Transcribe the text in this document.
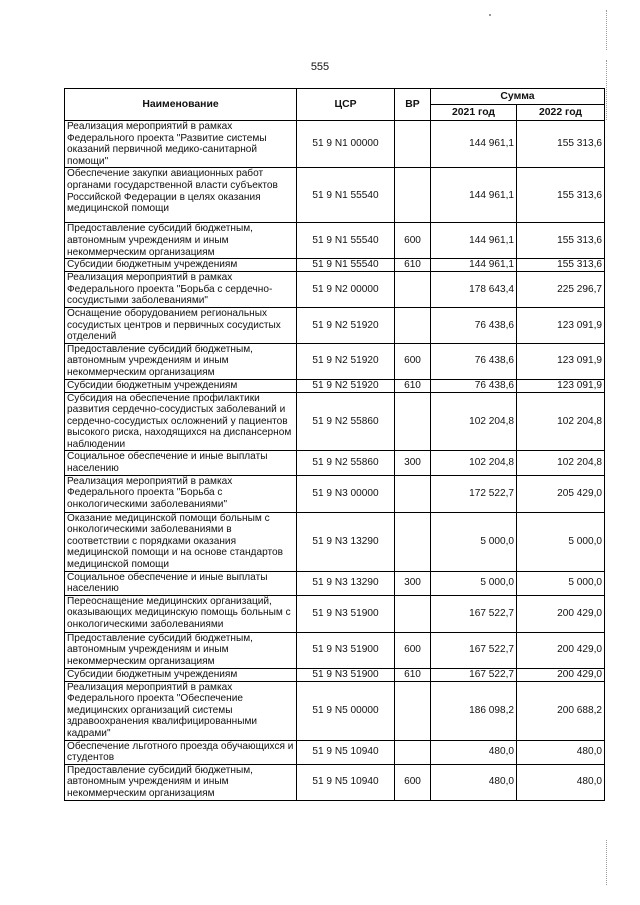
555
Наименование	ЦСР	ВР	Сумма	
			2021 год	2022 год
Реализация мероприятий в рамках Федерального проекта "Развитие системы оказаний первичной медико-санитарной помощи"	51 9 N1 00000		144 961,1	155 313,6
Обеспечение закупки авиационных работ органами государственной власти субъектов Российской Федерации в целях оказания медицинской помощи	51 9 N1 55540		144 961,1	155 313,6
Предоставление субсидий бюджетным, автономным учреждениям и иным некоммерческим организациям	51 9 N1 55540	600	144 961,1	155 313,6
Субсидии бюджетным учреждениям	51 9 N1 55540	610	144 961,1	155 313,6
Реализация мероприятий в рамках Федерального проекта "Борьба с сердечно-сосудистыми заболеваниями"	51 9 N2 00000		178 643,4	225 296,7
Оснащение оборудованием региональных сосудистых центров и первичных сосудистых отделений	51 9 N2 51920		76 438,6	123 091,9
Предоставление субсидий бюджетным, автономным учреждениям и иным некоммерческим организациям	51 9 N2 51920	600	76 438,6	123 091,9
Субсидии бюджетным учреждениям	51 9 N2 51920	610	76 438,6	123 091,9
Субсидия на обеспечение профилактики развития сердечно-сосудистых заболеваний и сердечно-сосудистых осложнений у пациентов высокого риска, находящихся на диспансерном наблюдении	51 9 N2 55860		102 204,8	102 204,8
Социальное обеспечение и иные выплаты населению	51 9 N2 55860	300	102 204,8	102 204,8
Реализация мероприятий в рамках Федерального проекта "Борьба с онкологическими заболеваниями"	51 9 N3 00000		172 522,7	205 429,0
Оказание медицинской помощи больным с онкологическими заболеваниями в соответствии с порядками оказания медицинской помощи и на основе стандартов медицинской помощи	51 9 N3 13290		5 000,0	5 000,0
Социальное обеспечение и иные выплаты населению	51 9 N3 13290	300	5 000,0	5 000,0
Переоснащение медицинских организаций, оказывающих медицинскую помощь больным с онкологическими заболеваниями	51 9 N3 51900		167 522,7	200 429,0
Предоставление субсидий бюджетным, автономным учреждениям и иным некоммерческим организациям	51 9 N3 51900	600	167 522,7	200 429,0
Субсидии бюджетным учреждениям	51 9 N3 51900	610	167 522,7	200 429,0
Реализация мероприятий в рамках Федерального проекта "Обеспечение медицинских организаций системы здравоохранения квалифицированными кадрами"	51 9 N5 00000		186 098,2	200 688,2
Обеспечение льготного проезда обучающихся и студентов	51 9 N5 10940		480,0	480,0
Предоставление субсидий бюджетным, автономным учреждениям и иным некоммерческим организациям	51 9 N5 10940	600	480,0	480,0
